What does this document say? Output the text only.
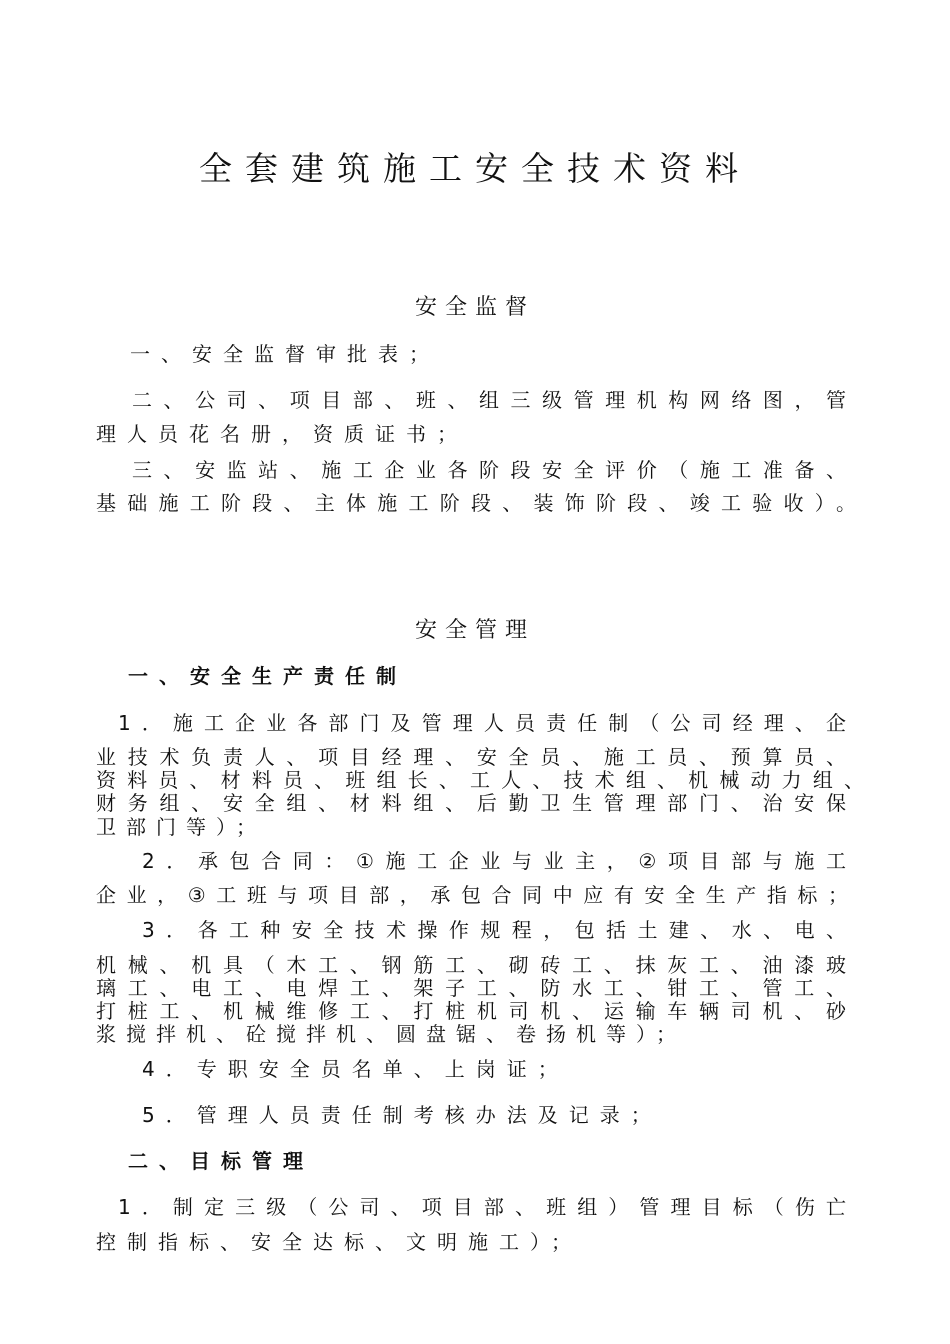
全套建筑施工安全技术资料
安全监督
一、安全监督审批表；
二、公司、项目部、班、组三级管理机构网络图，管
理人员花名册，资质证书；
三、安监站、施工企业各阶段安全评价（施工准备、
基础施工阶段、主体施工阶段、装饰阶段、竣工验收）。
安全管理
一、安全生产责任制
1．施工企业各部门及管理人员责任制（公司经理、企
业技术负责人、项目经理、安全员、施工员、预算员、
资料员、材料员、班组长、工人、技术组、机械动力组、
财务组、安全组、材料组、后勤卫生管理部门、治安保
卫部门等）；
2．承包合同：①施工企业与业主，②项目部与施工
企业，③工班与项目部，承包合同中应有安全生产指标；
3．各工种安全技术操作规程，包括土建、水、电、
机械、机具（木工、钢筋工、砌砖工、抹灰工、油漆玻
璃工、电工、电焊工、架子工、防水工、钳工、管工、
打桩工、机械维修工、打桩机司机、运输车辆司机、砂
浆搅拌机、砼搅拌机、圆盘锯、卷扬机等）；
4．专职安全员名单、上岗证；
5．管理人员责任制考核办法及记录；
二、目标管理
1．制定三级（公司、项目部、班组）管理目标（伤亡
控制指标、安全达标、文明施工）；
